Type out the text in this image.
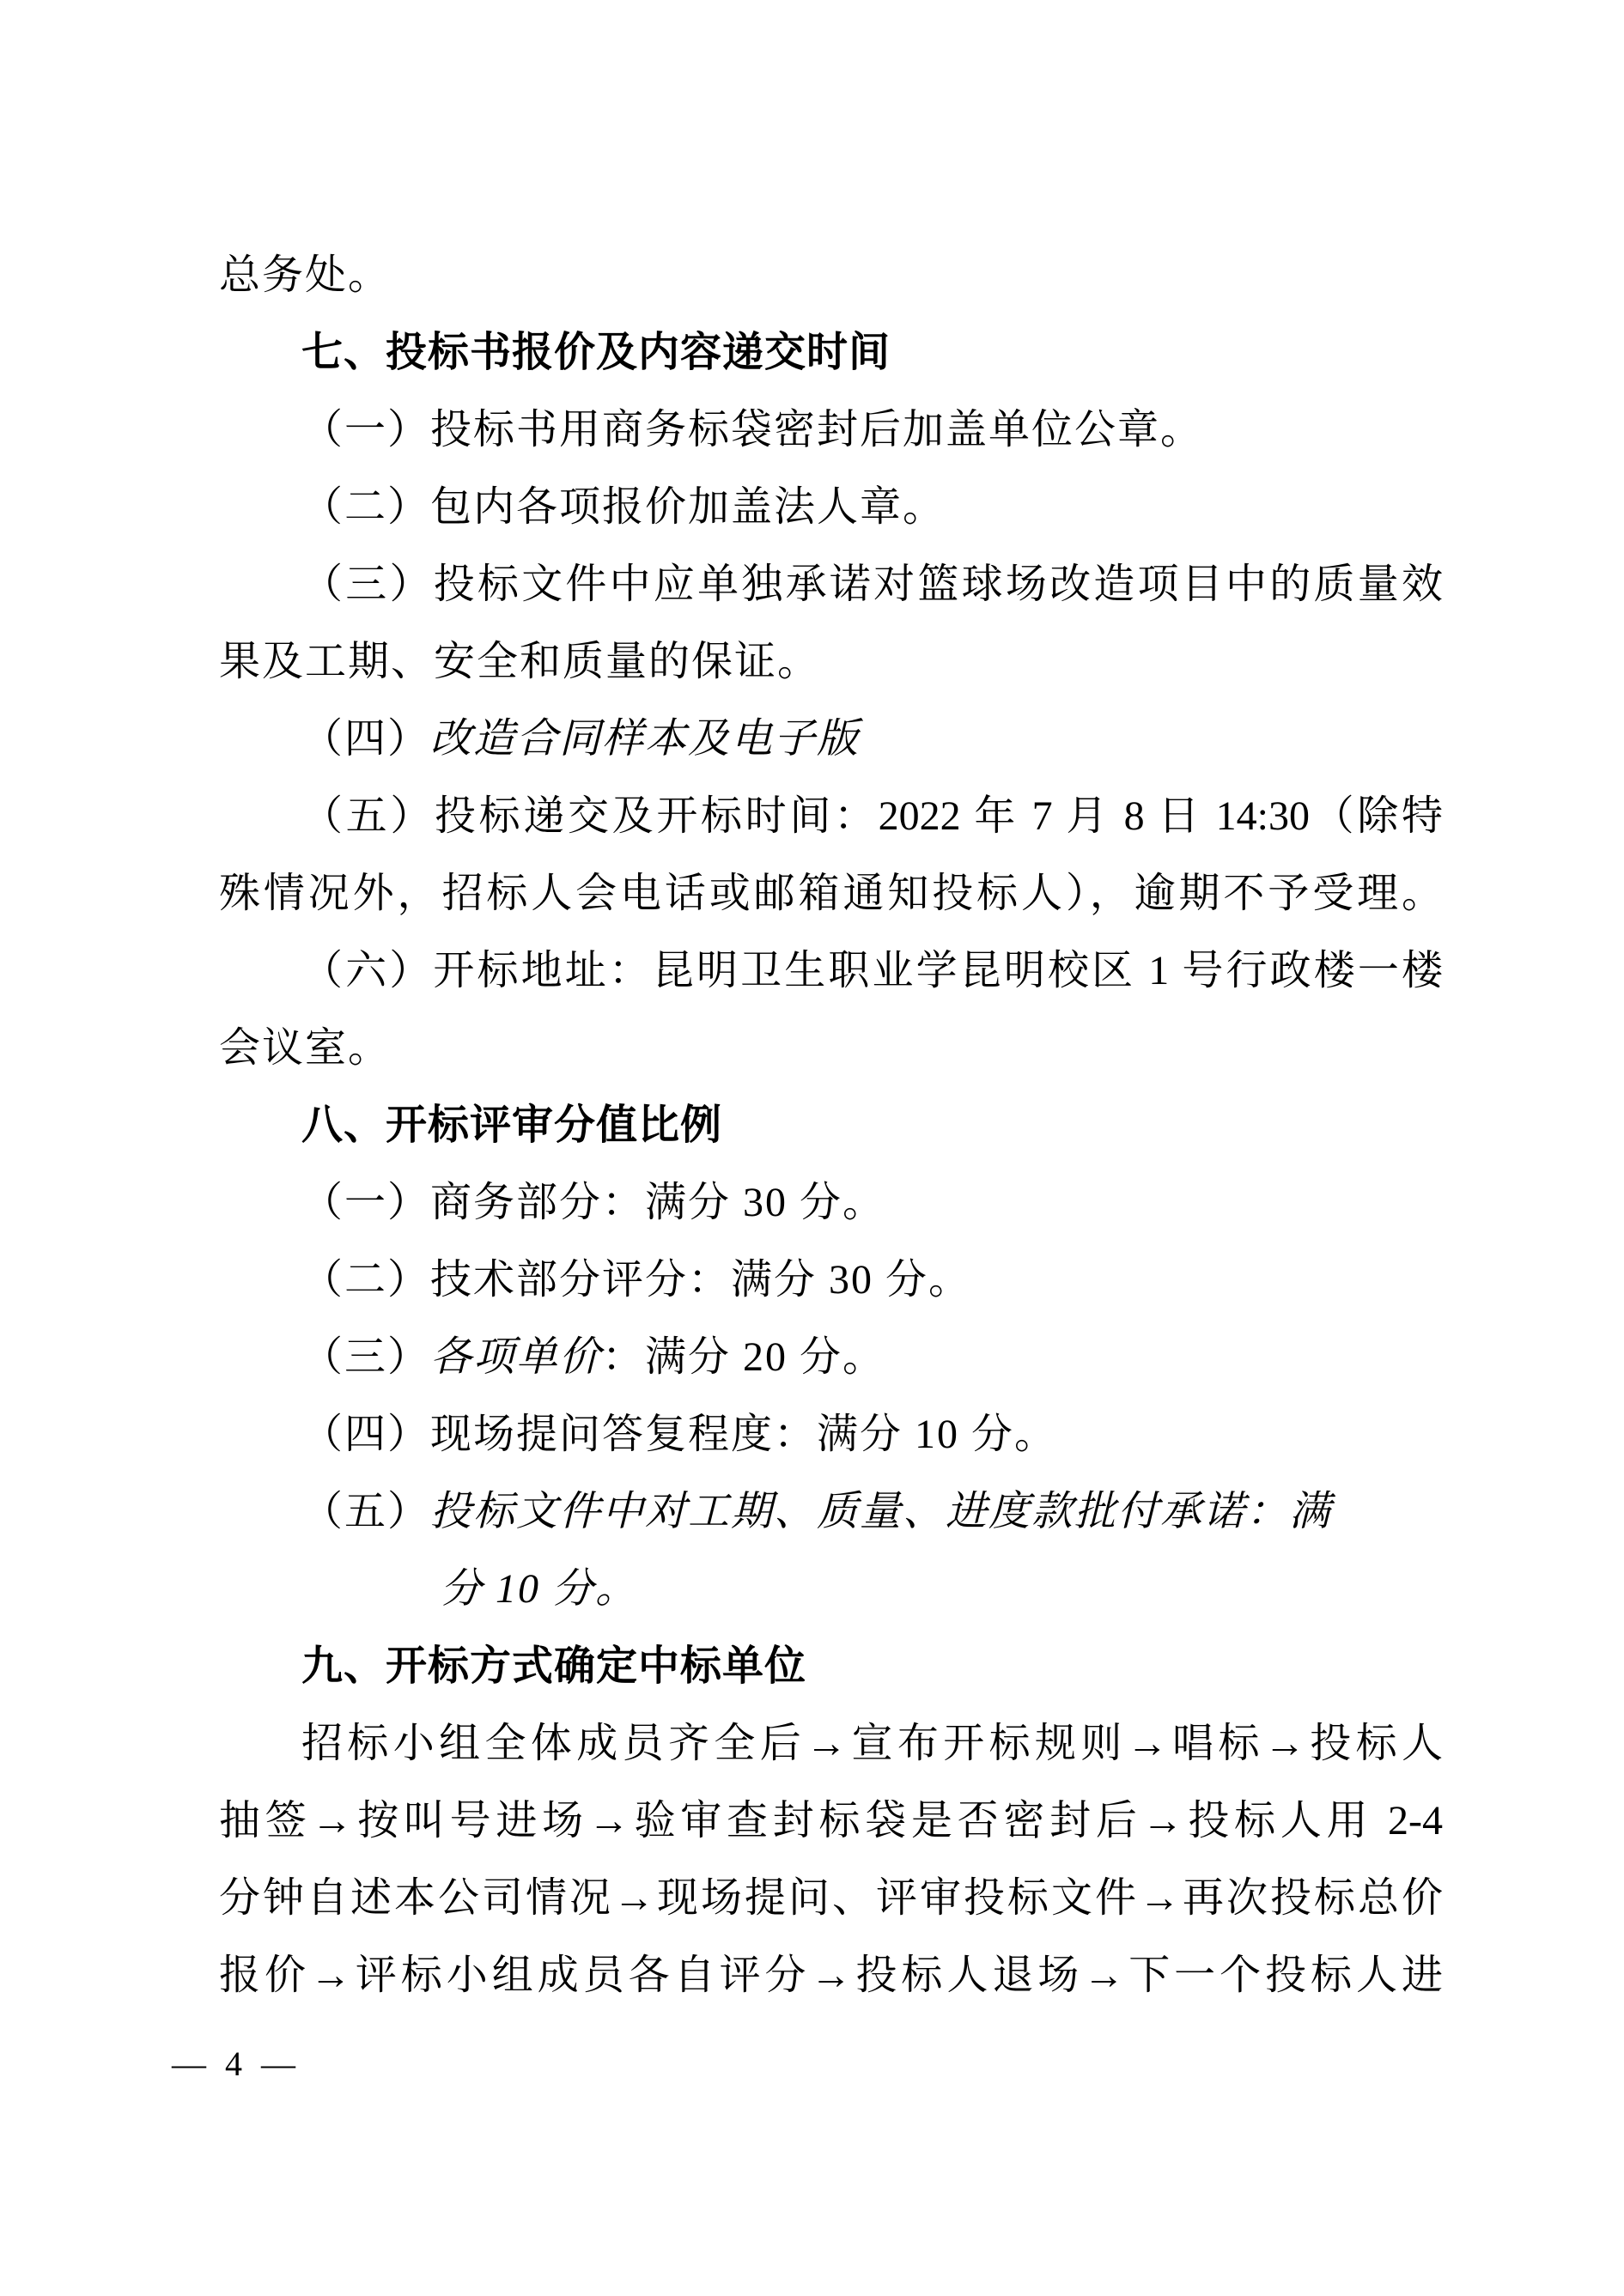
总务处。
七、投标书报价及内容递交时间
（一）投标书用商务标袋密封后加盖单位公章。
（二）包内各项报价加盖法人章。
（三）投标文件中应单独承诺对篮球场改造项目中的质量效
果及工期、安全和质量的保证。
（四）改造合同样本及电子版
（五）投标递交及开标时间：2022 年 7 月 8 日 14:30（除特
殊情况外，招标人会电话或邮箱通知投标人），逾期不予受理。
（六）开标地址：昆明卫生职业学昆明校区 1 号行政楼一楼
会议室。
八、开标评审分值比例
（一）商务部分：满分 30 分。
（二）技术部分评分：满分 30 分。
（三）各项单价：满分 20 分。
（四）现场提问答复程度：满分 10 分。
（五）投标文件中对工期、质量、进度款批付承诺：满
分 10 分。
九、开标方式确定中标单位
招标小组全体成员齐全后→宣布开标规则→唱标→投标人
抽签→按叫号进场→验审查封标袋是否密封后→投标人用 2-4
分钟自述本公司情况→现场提问、评审投标文件→再次投标总价
报价→评标小组成员各自评分→投标人退场→下一个投标人进
— 4 —
